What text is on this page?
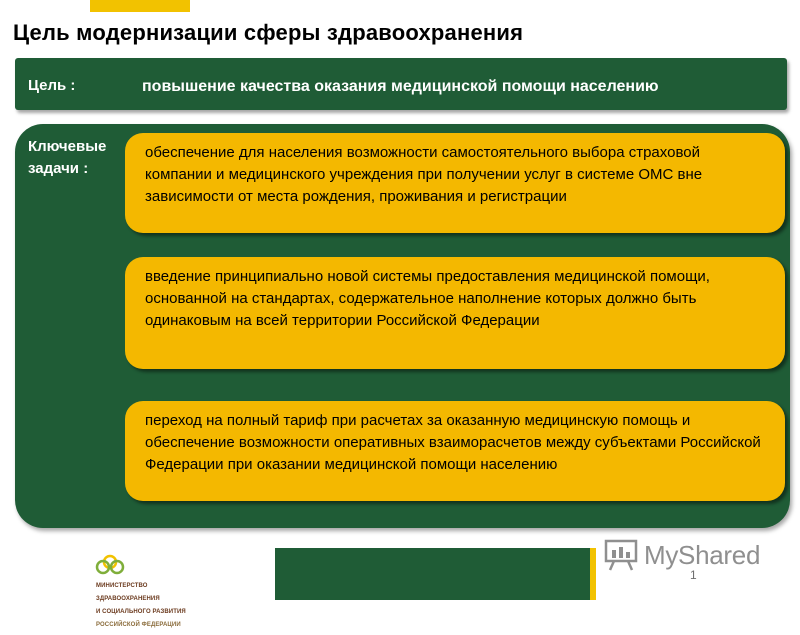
Цель модернизации сферы здравоохранения
Цель :	повышение качества оказания медицинской помощи населению
Ключевые
задачи :
обеспечение для населения возможности самостоятельного выбора страховой компании и медицинского учреждения при получении услуг в системе ОМС вне зависимости от места рождения, проживания и регистрации
введение принципиально новой системы предоставления медицинской помощи, основанной на стандартах, содержательное наполнение которых должно быть одинаковым на всей территории Российской Федерации
переход на полный тариф при расчетах за оказанную медицинскую помощь и обеспечение возможности оперативных взаиморасчетов между субъектами Российской Федерации при оказании медицинской помощи населению

МИНИСТЕРСТВО

ЗДРАВООХРАНЕНИЯ

И СОЦИАЛЬНОГО РАЗВИТИЯ

РОССИЙСКОЙ ФЕДЕРАЦИИ

MyShared
1
